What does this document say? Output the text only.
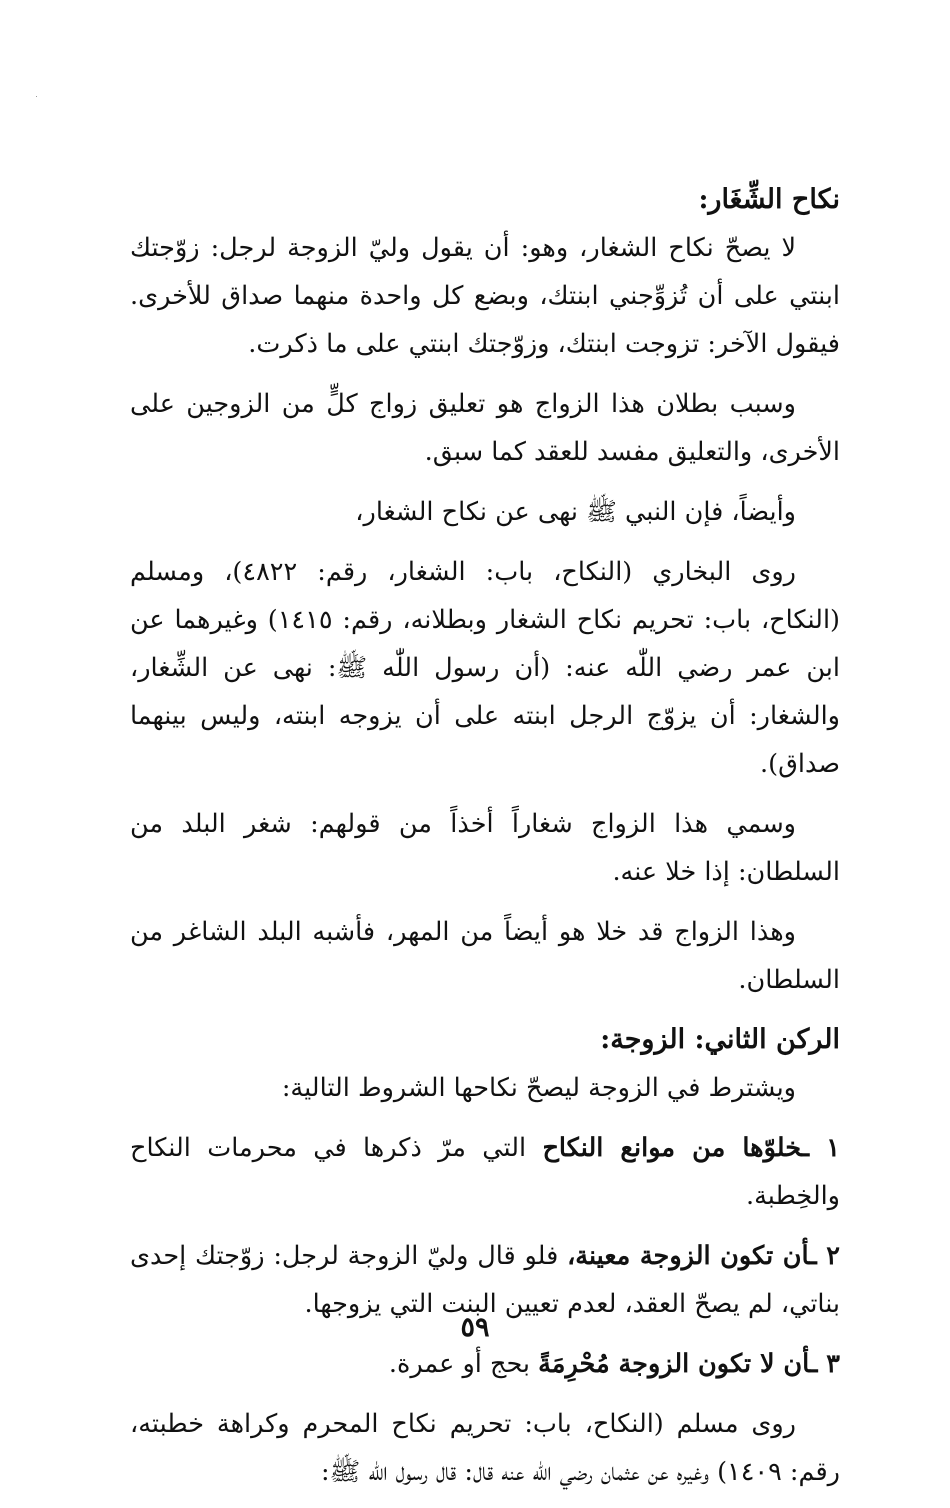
نكاح الشِّغَار:

لا يصحّ نكاح الشغار، وهو: أن يقول وليّ الزوجة لرجل: زوّجتك ابنتي على أن تُزوِّجني ابنتك، وبضع كل واحدة منهما صداق للأخرى. فيقول الآخر: تزوجت ابنتك، وزوّجتك ابنتي على ما ذكرت.

وسبب بطلان هذا الزواج هو تعليق زواج كلٍّ من الزوجين على الأخرى، والتعليق مفسد للعقد كما سبق.

وأيضاً، فإن النبي ﷺ نهى عن نكاح الشغار،

روى البخاري (النكاح، باب: الشغار، رقم: ٤٨٢٢)، ومسلم (النكاح، باب: تحريم نكاح الشغار وبطلانه، رقم: ١٤١٥) وغيرهما عن ابن عمر رضي اللّٰه عنه: (أن رسول اللّٰه ﷺ: نهى عن الشِّغار، والشغار: أن يزوّج الرجل ابنته على أن يزوجه ابنته، وليس بينهما صداق).

وسمي هذا الزواج شغاراً أخذاً من قولهم: شغر البلد من السلطان: إذا خلا عنه.

وهذا الزواج قد خلا هو أيضاً من المهر، فأشبه البلد الشاغر من السلطان.

الركن الثاني: الزوجة:

ويشترط في الزوجة ليصحّ نكاحها الشروط التالية:

١ ـخلوّها من موانع النكاح التي مرّ ذكرها في محرمات النكاح والخِطبة.

٢ ـأن تكون الزوجة معينة، فلو قال وليّ الزوجة لرجل: زوّجتك إحدى بناتي، لم يصحّ العقد، لعدم تعيين البنت التي يزوجها.

٣ ـأن لا تكون الزوجة مُحْرِمَةً بحج أو عمرة.

روى مسلم (النكاح، باب: تحريم نكاح المحرم وكراهة خطبته، رقم: ١٤٠٩) وغيره عن عثمان رضي اللّٰه عنه قال: قال رسول اللّٰه ﷺ:

٥٩
